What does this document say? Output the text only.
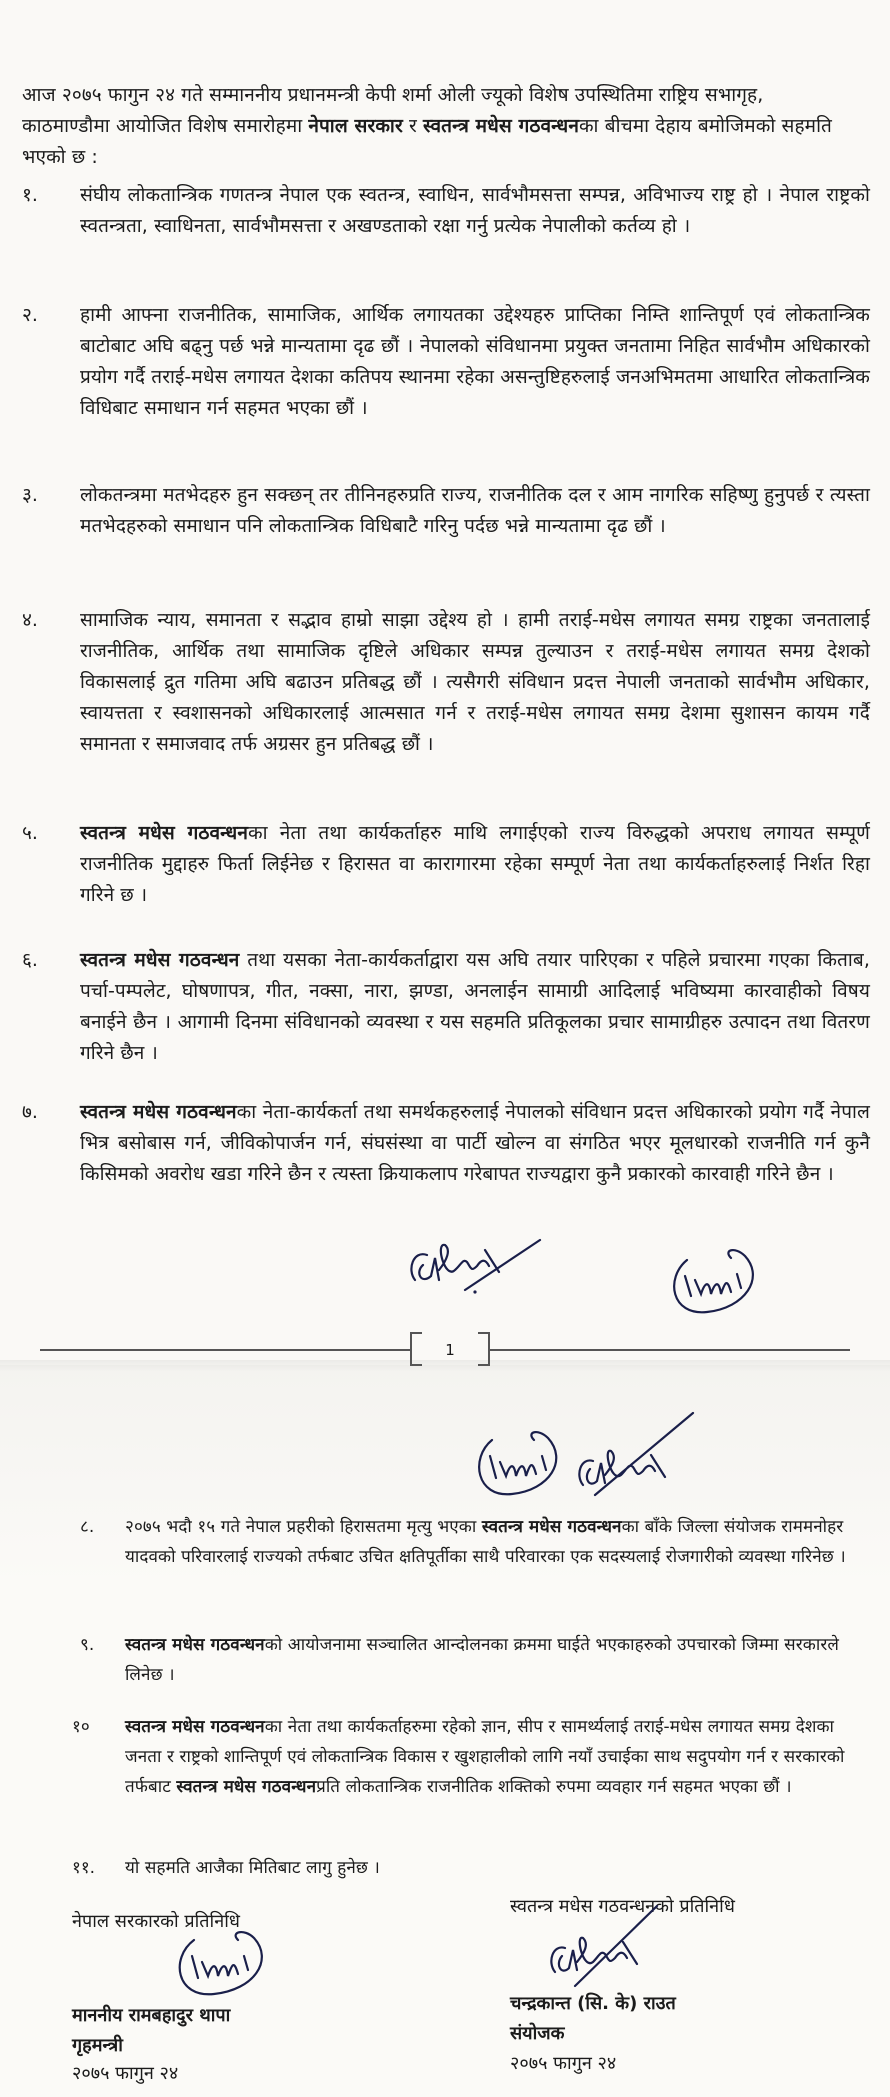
आज २०७५ फागुन २४ गते सम्माननीय प्रधानमन्त्री केपी शर्मा ओली ज्यूको विशेष उपस्थितिमा राष्ट्रिय सभागृह, काठमाण्डौमा आयोजित विशेष समारोहमा नेपाल सरकार र स्वतन्त्र मधेस गठवन्धनका बीचमा देहाय बमोजिमको सहमति भएको छ :
१. संघीय लोकतान्त्रिक गणतन्त्र नेपाल एक स्वतन्त्र, स्वाधिन, सार्वभौमसत्ता सम्पन्न, अविभाज्य राष्ट्र हो । नेपाल राष्ट्रको स्वतन्त्रता, स्वाधिनता, सार्वभौमसत्ता र अखण्डताको रक्षा गर्नु प्रत्येक नेपालीको कर्तव्य हो ।
२. हामी आफ्ना राजनीतिक, सामाजिक, आर्थिक लगायतका उद्देश्यहरु प्राप्तिका निम्ति शान्तिपूर्ण एवं लोकतान्त्रिक बाटोबाट अघि बढ्नु पर्छ भन्ने मान्यतामा दृढ छौं । नेपालको संविधानमा प्रयुक्त जनतामा निहित सार्वभौम अधिकारको प्रयोग गर्दै तराई-मधेस लगायत देशका कतिपय स्थानमा रहेका असन्तुष्टिहरुलाई जनअभिमतमा आधारित लोकतान्त्रिक विधिबाट समाधान गर्न सहमत भएका छौं ।
३. लोकतन्त्रमा मतभेदहरु हुन सक्छन् तर तीनिनहरुप्रति राज्य, राजनीतिक दल र आम नागरिक सहिष्णु हुनुपर्छ र त्यस्ता मतभेदहरुको समाधान पनि लोकतान्त्रिक विधिबाटै गरिनु पर्दछ भन्ने मान्यतामा दृढ छौं ।
४. सामाजिक न्याय, समानता र सद्भाव हाम्रो साझा उद्देश्य हो । हामी तराई-मधेस लगायत समग्र राष्ट्रका जनतालाई राजनीतिक, आर्थिक तथा सामाजिक दृष्टिले अधिकार सम्पन्न तुल्याउन र तराई-मधेस लगायत समग्र देशको विकासलाई द्रुत गतिमा अघि बढाउन प्रतिबद्ध छौं । त्यसैगरी संविधान प्रदत्त नेपाली जनताको सार्वभौम अधिकार, स्वायत्तता र स्वशासनको अधिकारलाई आत्मसात गर्न र तराई-मधेस लगायत समग्र देशमा सुशासन कायम गर्दै समानता र समाजवाद तर्फ अग्रसर हुन प्रतिबद्ध छौं ।
५. स्वतन्त्र मधेस गठवन्धनका नेता तथा कार्यकर्ताहरु माथि लगाईएको राज्य विरुद्धको अपराध लगायत सम्पूर्ण राजनीतिक मुद्दाहरु फिर्ता लिईनेछ र हिरासत वा कारागारमा रहेका सम्पूर्ण नेता तथा कार्यकर्ताहरुलाई निर्शत रिहा गरिने छ ।
६. स्वतन्त्र मधेस गठवन्धन तथा यसका नेता-कार्यकर्ताद्वारा यस अघि तयार पारिएका र पहिले प्रचारमा गएका किताब, पर्चा-पम्पलेट, घोषणापत्र, गीत, नक्सा, नारा, झण्डा, अनलाईन सामाग्री आदिलाई भविष्यमा कारवाहीको विषय बनाईने छैन । आगामी दिनमा संविधानको व्यवस्था र यस सहमति प्रतिकूलका प्रचार सामाग्रीहरु उत्पादन तथा वितरण गरिने छैन ।
७. स्वतन्त्र मधेस गठवन्धनका नेता-कार्यकर्ता तथा समर्थकहरुलाई नेपालको संविधान प्रदत्त अधिकारको प्रयोग गर्दै नेपाल भित्र बसोबास गर्न, जीविकोपार्जन गर्न, संघसंस्था वा पार्टी खोल्न वा संगठित भएर मूलधारको राजनीति गर्न कुनै किसिमको अवरोध खडा गरिने छैन र त्यस्ता क्रियाकलाप गरेबापत राज्यद्वारा कुनै प्रकारको कारवाही गरिने छैन ।
1
८. २०७५ भदौ १५ गते नेपाल प्रहरीको हिरासतमा मृत्यु भएका स्वतन्त्र मधेस गठवन्धनका बाँके जिल्ला संयोजक राममनोहर यादवको परिवारलाई राज्यको तर्फबाट उचित क्षतिपूर्तीका साथै परिवारका एक सदस्यलाई रोजगारीको व्यवस्था गरिनेछ ।
९. स्वतन्त्र मधेस गठवन्धनको आयोजनामा सञ्चालित आन्दोलनका क्रममा घाईते भएकाहरुको उपचारको जिम्मा सरकारले लिनेछ ।
१० स्वतन्त्र मधेस गठवन्धनका नेता तथा कार्यकर्ताहरुमा रहेको ज्ञान, सीप र सामर्थ्यलाई तराई-मधेस लगायत समग्र देशका जनता र राष्ट्रको शान्तिपूर्ण एवं लोकतान्त्रिक विकास र खुशहालीको लागि नयाँ उचाईका साथ सदुपयोग गर्न र सरकारको तर्फबाट स्वतन्त्र मधेस गठवन्धनप्रति लोकतान्त्रिक राजनीतिक शक्तिको रुपमा व्यवहार गर्न सहमत भएका छौं ।
११. यो सहमति आजैका मितिबाट लागु हुनेछ ।
नेपाल सरकारको प्रतिनिधि
माननीय रामबहादुर थापा
गृहमन्त्री
२०७५ फागुन २४
स्वतन्त्र मधेस गठवन्धनको प्रतिनिधि
चन्द्रकान्त (सि. के) राउत
संयोजक
२०७५ फागुन २४
